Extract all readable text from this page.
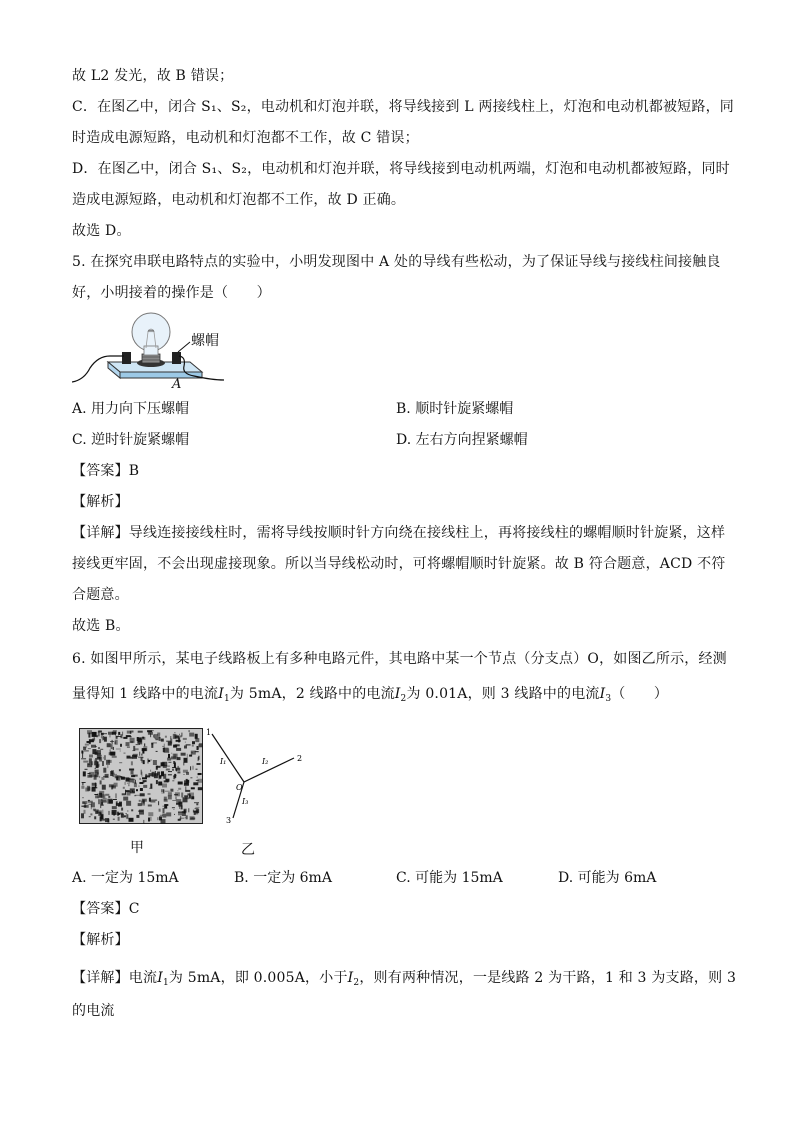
故 L2 发光，故 B 错误；
C．在图乙中，闭合 S₁、S₂，电动机和灯泡并联，将导线接到 L 两接线柱上，灯泡和电动机都被短路，同
时造成电源短路，电动机和灯泡都不工作，故 C 错误；
D．在图乙中，闭合 S₁、S₂，电动机和灯泡并联，将导线接到电动机两端，灯泡和电动机都被短路，同时
造成电源短路，电动机和灯泡都不工作，故 D 正确。
故选 D。
5. 在探究串联电路特点的实验中，小明发现图中 A 处的导线有些松动，为了保证导线与接线柱间接触良
好，小明接着的操作是（　　）
螺帽
A
A. 用力向下压螺帽	B. 顺时针旋紧螺帽
C. 逆时针旋紧螺帽	D. 左右方向捏紧螺帽
【答案】B
【解析】
【详解】导线连接接线柱时，需将导线按顺时针方向绕在接线柱上，再将接线柱的螺帽顺时针旋紧，这样
接线更牢固，不会出现虚接现象。所以当导线松动时，可将螺帽顺时针旋紧。故 B 符合题意，ACD 不符
合题意。
故选 B。
6. 如图甲所示，某电子线路板上有多种电路元件，其电路中某一个节点（分支点）O，如图乙所示，经测
量得知 1 线路中的电流$I_1$为 5mA，2 线路中的电流$I_2$为 0.01A，则 3 线路中的电流$I_3$（　　）
1
2
3
O
I₁	I₂
I₃
甲	乙
A. 一定为 15mA	B. 一定为 6mA	C. 可能为 15mA	D. 可能为 6mA
【答案】C
【解析】
【详解】电流$I_1$为 5mA，即 0.005A，小于$I_2$，则有两种情况，一是线路 2 为干路，1 和 3 为支路，则 3
的电流
